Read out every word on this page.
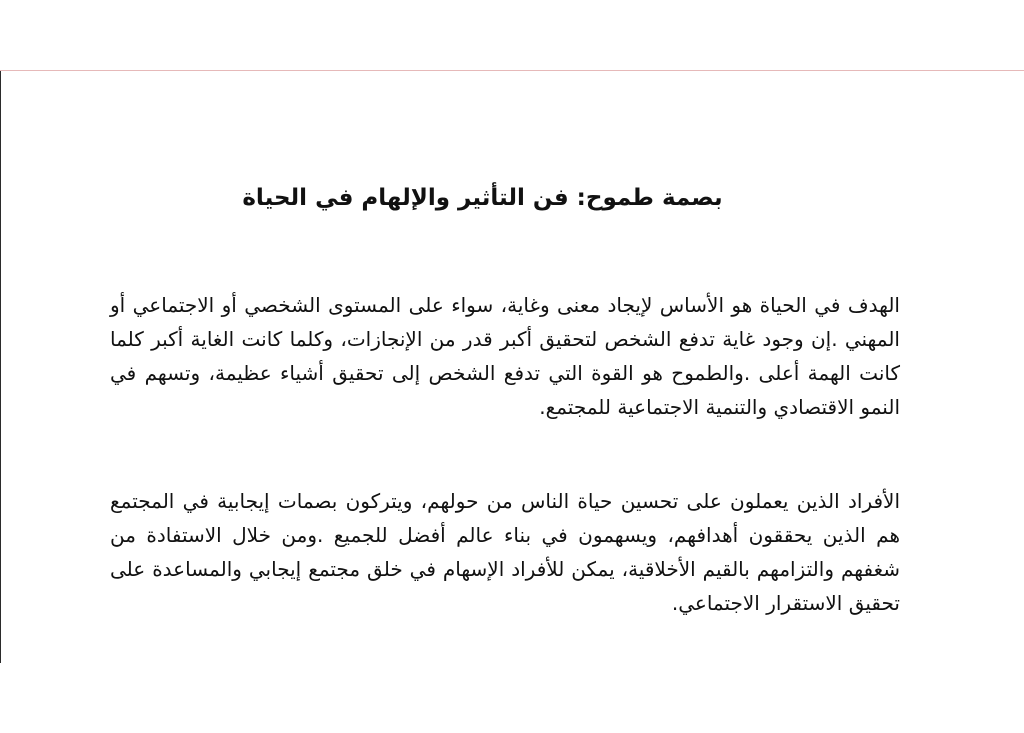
بصمة طموح: فن التأثير والإلهام في الحياة

الهدف في الحياة هو الأساس لإيجاد معنى وغاية، سواء على المستوى الشخصي أو الاجتماعي أو المهني .إن وجود غاية تدفع الشخص لتحقيق أكبر قدر من الإنجازات، وكلما كانت الغاية أكبر كلما كانت الهمة أعلى .والطموح هو القوة التي تدفع الشخص إلى تحقيق أشياء عظيمة، وتسهم في النمو الاقتصادي والتنمية الاجتماعية للمجتمع.

الأفراد الذين يعملون على تحسين حياة الناس من حولهم، ويتركون بصمات إيجابية في المجتمع هم الذين يحققون أهدافهم، ويسهمون في بناء عالم أفضل للجميع .ومن خلال الاستفادة من شغفهم والتزامهم بالقيم الأخلاقية، يمكن للأفراد الإسهام في خلق مجتمع إيجابي والمساعدة على تحقيق الاستقرار الاجتماعي.
